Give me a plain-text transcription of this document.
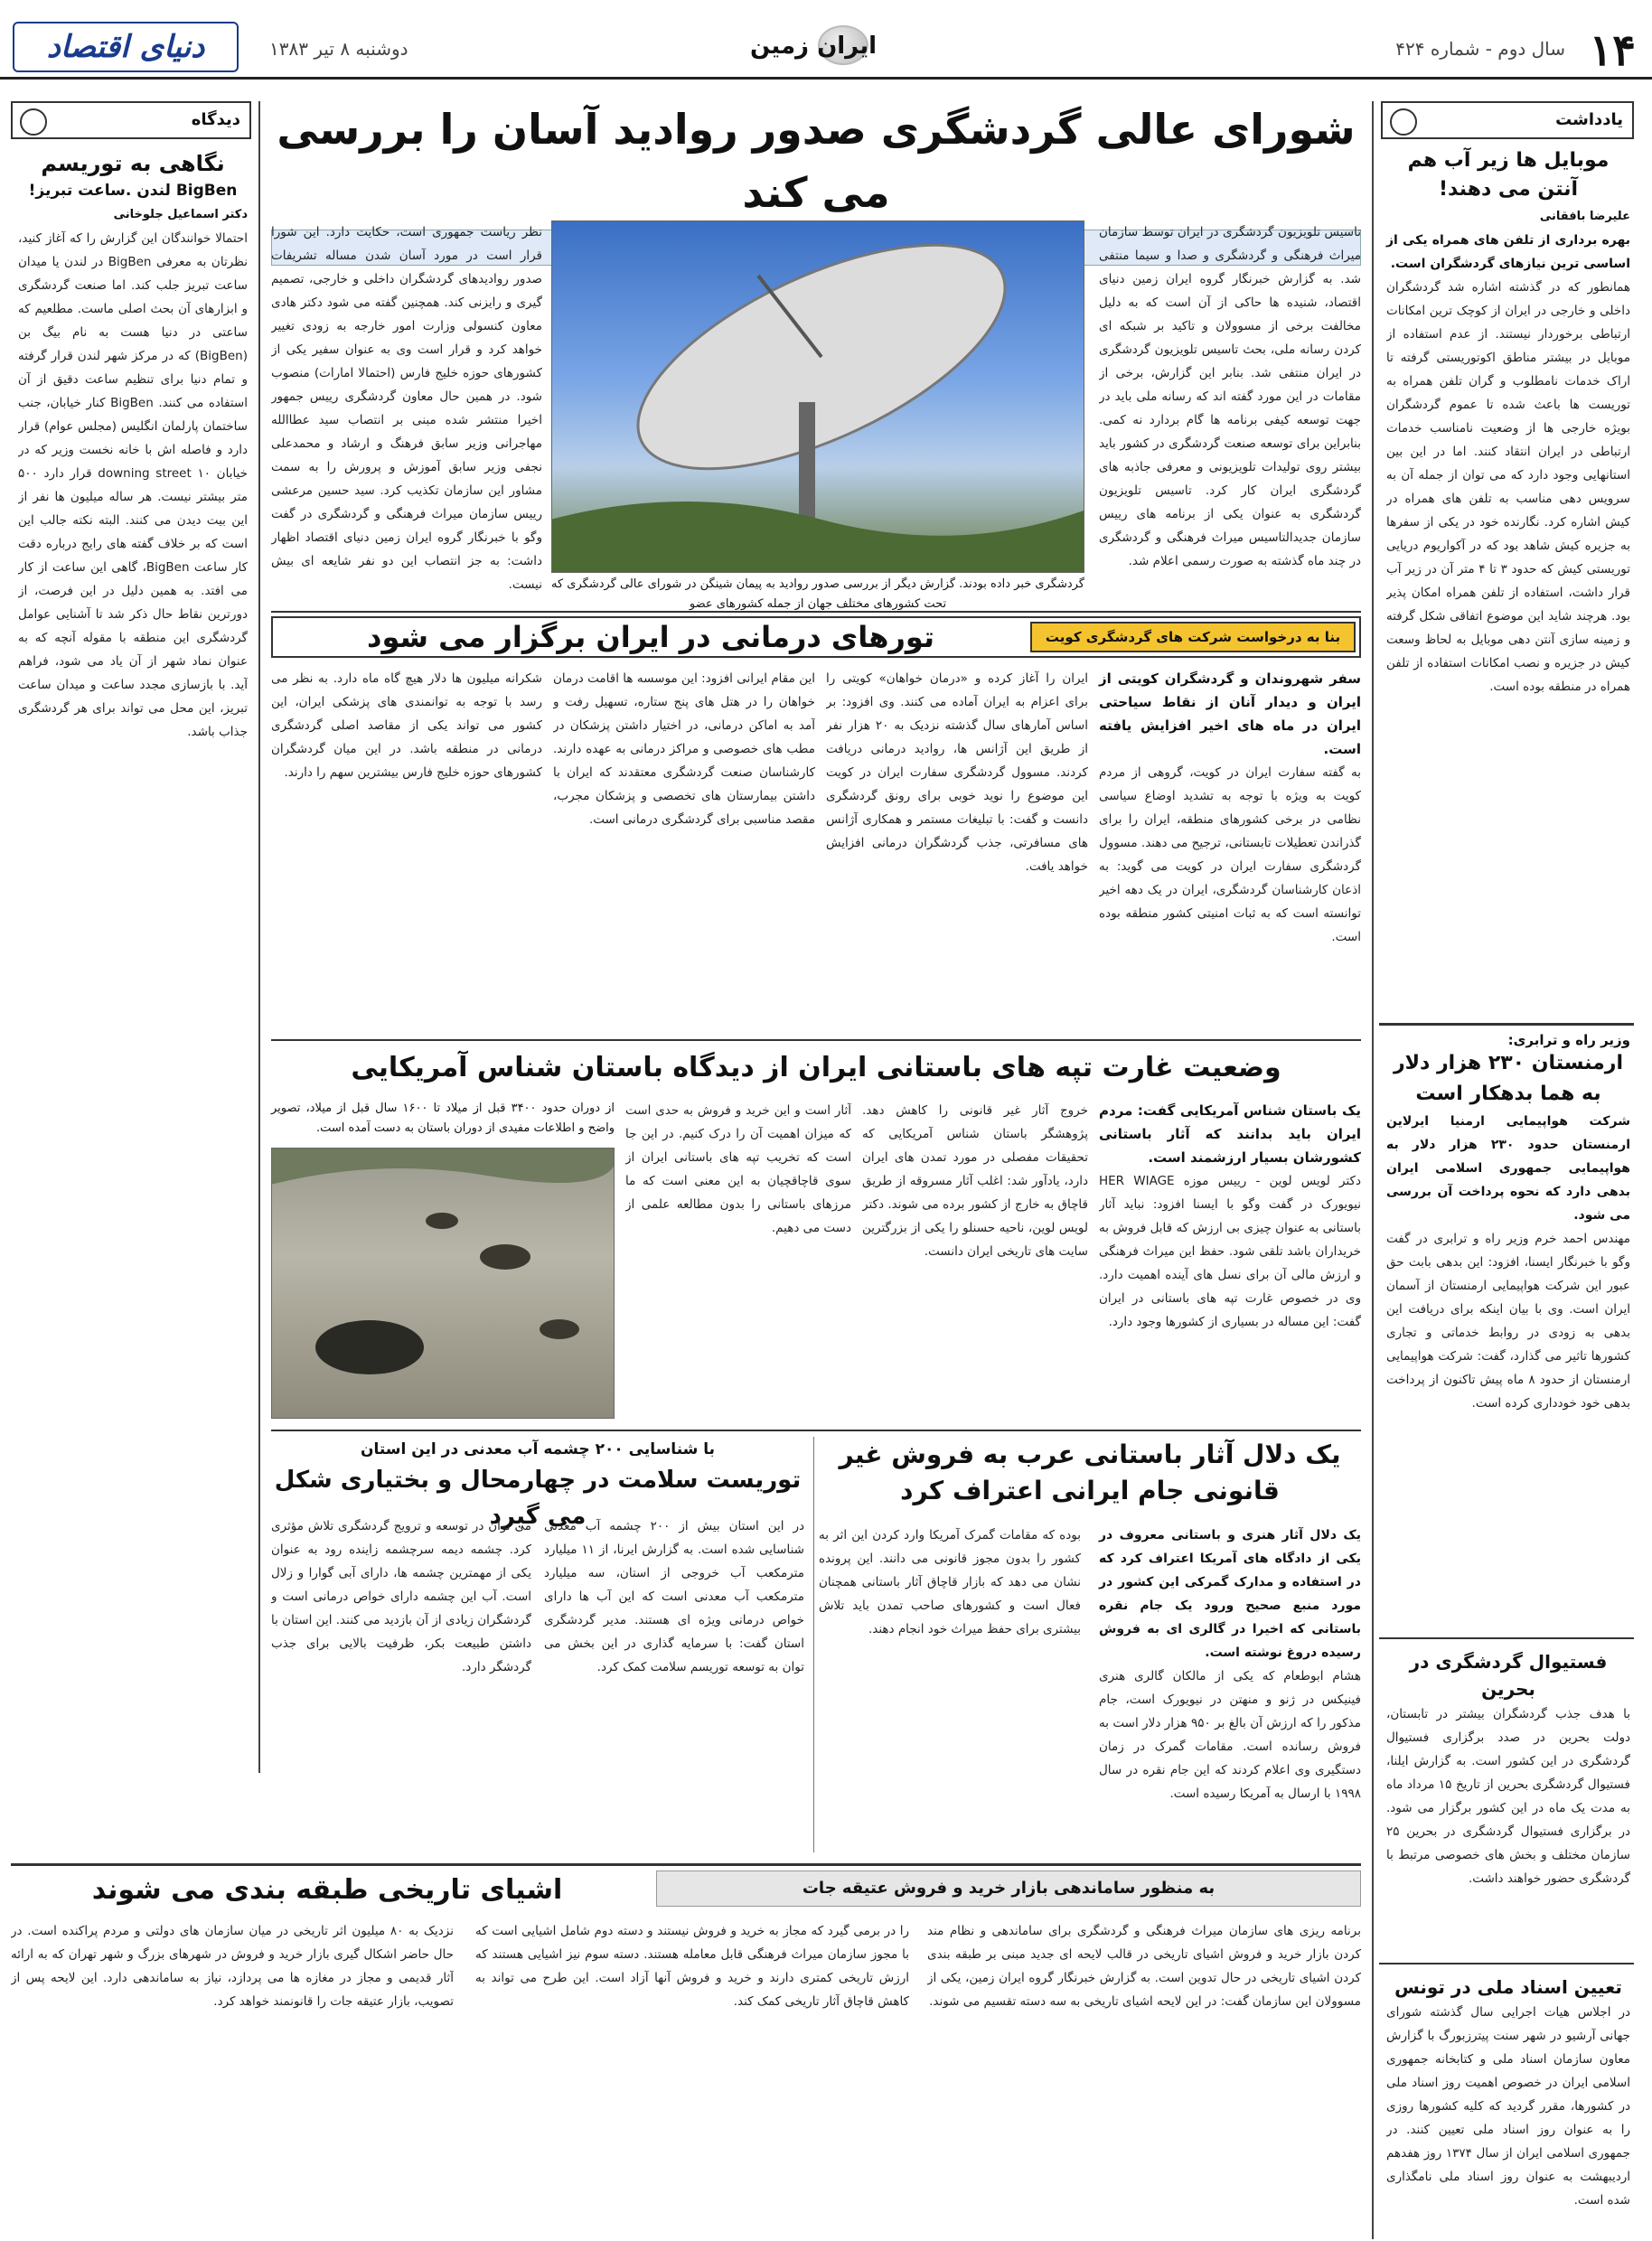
۱۴
سال دوم - شماره ۴۲۴
ایران زمین
دوشنبه ۸ تیر ۱۳۸۳
دنیای اقتصاد
یادداشت
موبایل ها زیر آب هم آنتن می دهند!
علیرضا بافقانی
بهره برداری از تلفن های همراه یکی از اساسی ترین نیازهای گردشگران است.
همانطور که در گذشته اشاره شد گردشگران داخلی و خارجی در ایران از کوچک ترین امکانات ارتباطی برخوردار نیستند. از عدم استفاده از موبایل در بیشتر مناطق اکوتوریستی گرفته تا اراک خدمات نامطلوب و گران تلفن همراه به توریست ها باعث شده تا عموم گردشگران بویژه خارجی ها از وضعیت نامناسب خدمات ارتباطی در ایران انتقاد کنند. اما در این بین استانهایی وجود دارد که می توان از جمله آن به سرویس دهی مناسب به تلفن های همراه در کیش اشاره کرد. نگارنده خود در یکی از سفرها به جزیره کیش شاهد بود که در آکواریوم دریایی توریستی کیش که حدود ۳ تا ۴ متر آن در زیر آب قرار داشت، استفاده از تلفن همراه امکان پذیر بود. هرچند شاید این موضوع اتفاقی شکل گرفته و زمینه سازی آنتن دهی موبایل به لحاظ وسعت کیش در جزیره و نصب امکانات استفاده از تلفن همراه در منطقه بوده است.
وزیر راه و ترابری:
ارمنستان ۲۳۰ هزار دلار به هما بدهکار است
شرکت هواپیمایی ارمنیا ایرلاین ارمنستان حدود ۲۳۰ هزار دلار به هواپیمایی جمهوری اسلامی ایران بدهی دارد که نحوه پرداخت آن بررسی می شود.
مهندس احمد خرم وزیر راه و ترابری در گفت وگو با خبرنگار ایسنا، افزود: این بدهی بابت حق عبور این شرکت هواپیمایی ارمنستان از آسمان ایران است. وی با بیان اینکه برای دریافت این بدهی به زودی در روابط خدماتی و تجاری کشورها تاثیر می گذارد، گفت: شرکت هواپیمایی ارمنستان از حدود ۸ ماه پیش تاکنون از پرداخت بدهی خود خودداری کرده است.
فستیوال گردشگری در بحرین
با هدف جذب گردشگران بیشتر در تابستان، دولت بحرین در صدد برگزاری فستیوال گردشگری در این کشور است. به گزارش ایلنا، فستیوال گردشگری بحرین از تاریخ ۱۵ مرداد ماه به مدت یک ماه در این کشور برگزار می شود. در برگزاری فستیوال گردشگری در بحرین ۲۵ سازمان مختلف و بخش های خصوصی مرتبط با گردشگری حضور خواهند داشت.
تعیین اسناد ملی در تونس
در اجلاس هیات اجرایی سال گذشته شورای جهانی آرشیو در شهر سنت پیترزبورگ با گزارش معاون سازمان اسناد ملی و کتابخانه جمهوری اسلامی ایران در خصوص اهمیت روز اسناد ملی در کشورها، مقرر گردید که کلیه کشورها روزی را به عنوان روز اسناد ملی تعیین کنند. در جمهوری اسلامی ایران از سال ۱۳۷۴ روز هفدهم اردیبهشت به عنوان روز اسناد ملی نامگذاری شده است.
دیدگاه
نگاهی به توریسم
BigBen لندن .ساعت تبریز!
دکتر اسماعیل جلوخانی
احتمالا خوانندگان این گزارش را که آغاز کنید، نظرتان به معرفی BigBen در لندن یا میدان ساعت تبریز جلب کند. اما صنعت گردشگری و ابزارهای آن بحث اصلی ماست. مطلعیم که ساعتی در دنیا هست به نام بیگ بن (BigBen) که در مرکز شهر لندن قرار گرفته و تمام دنیا برای تنظیم ساعت دقیق از آن استفاده می کنند. BigBen کنار خیابان، جنب ساختمان پارلمان انگلیس (مجلس عوام) قرار دارد و فاصله اش با خانه نخست وزیر که در خیابان ۱۰ downing street قرار دارد ۵۰۰ متر بیشتر نیست. هر ساله میلیون ها نفر از این بیت دیدن می کنند. البته نکته جالب این است که بر خلاف گفته های رایج درباره دقت کار ساعت BigBen، گاهی این ساعت از کار می افتد. به همین دلیل در این فرصت، از دورترین نقاط حال ذکر شد تا آشنایی عوامل گردشگری این منطقه با مقوله آنچه که به عنوان نماد شهر از آن یاد می شود، فراهم آید. با بازسازی مجدد ساعت و میدان ساعت تبریز، این محل می تواند برای هر گردشگری جذاب باشد.
شورای عالی گردشگری صدور روادید آسان را بررسی می کند
تاسیس تلویزیون گردشگری در ایران توسط سازمان میراث فرهنگی و گردشگری و صدا و سیما منتفی شد. به گزارش خبرنگار گروه ایران زمین دنیای اقتصاد، شنیده ها حاکی از آن است که به دلیل مخالفت برخی از مسوولان و تاکید بر شبکه ای کردن رسانه ملی، بحث تاسیس تلویزیون گردشگری در ایران منتفی شد. بنابر این گزارش، برخی از مقامات در این مورد گفته اند که رسانه ملی باید در جهت توسعه کیفی برنامه ها گام بردارد نه کمی. بنابراین برای توسعه صنعت گردشگری در کشور باید بیشتر روی تولیدات تلویزیونی و معرفی جاذبه های گردشگری ایران کار کرد. تاسیس تلویزیون گردشگری به عنوان یکی از برنامه های رییس سازمان جدیدالتاسیس میراث فرهنگی و گردشگری در چند ماه گذشته به صورت رسمی اعلام شد.
گردشگری خبر داده بودند. گزارش دیگر از بررسی صدور روادید به پیمان شینگن در شورای عالی گردشگری که تحت کشورهای مختلف جهان از جمله کشورهای عضو
نظر ریاست جمهوری است، حکایت دارد. این شورا قرار است در مورد آسان شدن مساله تشریفات صدور روادیدهای گردشگران داخلی و خارجی، تصمیم گیری و رایزنی کند. همچنین گفته می شود دکتر هادی معاون کنسولی وزارت امور خارجه به زودی تغییر خواهد کرد و قرار است وی به عنوان سفیر یکی از کشورهای حوزه خلیج فارس (احتمالا امارات) منصوب شود. در همین حال معاون گردشگری رییس جمهور اخیرا منتشر شده مبنی بر انتصاب سید عطاالله مهاجرانی وزیر سابق فرهنگ و ارشاد و محمدعلی نجفی وزیر سابق آموزش و پرورش را به سمت مشاور این سازمان تکذیب کرد. سید حسین مرعشی رییس سازمان میراث فرهنگی و گردشگری در گفت وگو با خبرنگار گروه ایران زمین دنیای اقتصاد اظهار داشت: به جز انتصاب این دو نفر شایعه ای بیش نیست.
بنا به درخواست شرکت های گردشگری کویت
تورهای درمانی در ایران برگزار می شود
سفر شهروندان و گردشگران کویتی از ایران و دیدار آنان از نقاط سیاحتی ایران در ماه های اخیر افزایش یافته است.
به گفته سفارت ایران در کویت، گروهی از مردم کویت به ویژه با توجه به تشدید اوضاع سیاسی نظامی در برخی کشورهای منطقه، ایران را برای گذراندن تعطیلات تابستانی، ترجیح می دهند. مسوول گردشگری سفارت ایران در کویت می گوید: به اذعان کارشناسان گردشگری، ایران در یک دهه اخیر توانسته است که به ثبات امنیتی کشور منطقه بوده است.
ایران را آغاز کرده و «درمان خواهان» کویتی را برای اعزام به ایران آماده می کنند. وی افزود: بر اساس آمارهای سال گذشته نزدیک به ۲۰ هزار نفر از طریق این آژانس ها، روادید درمانی دریافت کردند. مسوول گردشگری سفارت ایران در کویت این موضوع را نوید خوبی برای رونق گردشگری دانست و گفت: با تبلیغات مستمر و همکاری آژانس های مسافرتی، جذب گردشگران درمانی افزایش خواهد یافت.
این مقام ایرانی افزود: این موسسه ها اقامت درمان خواهان را در هتل های پنج ستاره، تسهیل رفت و آمد به اماکن درمانی، در اختیار داشتن پزشکان در مطب های خصوصی و مراکز درمانی به عهده دارند. کارشناسان صنعت گردشگری معتقدند که ایران با داشتن بیمارستان های تخصصی و پزشکان مجرب، مقصد مناسبی برای گردشگری درمانی است.
شکرانه میلیون ها دلار هیچ گاه ماه دارد. به نظر می رسد با توجه به توانمندی های پزشکی ایران، این کشور می تواند یکی از مقاصد اصلی گردشگری درمانی در منطقه باشد. در این میان گردشگران کشورهای حوزه خلیج فارس بیشترین سهم را دارند.
وضعیت غارت تپه های باستانی ایران از دیدگاه باستان شناس آمریکایی
یک باستان شناس آمریکایی گفت: مردم ایران باید بدانند که آثار باستانی کشورشان بسیار ارزشمند است.
دکتر لویس لوین - رییس موزه HER WIAGE نیویورک در گفت وگو با ایسنا افزود: نباید آثار باستانی به عنوان چیزی بی ارزش که قابل فروش به خریداران باشد تلقی شود. حفظ این میراث فرهنگی و ارزش مالی آن برای نسل های آینده اهمیت دارد. وی در خصوص غارت تپه های باستانی در ایران گفت: این مساله در بسیاری از کشورها وجود دارد.
خروج آثار غیر قانونی را کاهش دهد. پژوهشگر باستان شناس آمریکایی که تحقیقات مفصلی در مورد تمدن های ایران دارد، یادآور شد: اغلب آثار مسروقه از طریق قاچاق به خارج از کشور برده می شوند. دکتر لویس لوین، ناحیه حسنلو را یکی از بزرگترین سایت های تاریخی ایران دانست.
آثار است و این خرید و فروش به حدی است که میزان اهمیت آن را درک کنیم. در این جا است که تخریب تپه های باستانی ایران از سوی قاچاقچیان به این معنی است که ما مرزهای باستانی را بدون مطالعه علمی از دست می دهیم.
از دوران حدود ۳۴۰۰ قبل از میلاد تا ۱۶۰۰ سال قبل از میلاد، تصویر واضح و اطلاعات مفیدی از دوران باستان به دست آمده است.
یک دلال آثار باستانی عرب به فروش غیر قانونی جام ایرانی اعتراف کرد
یک دلال آثار هنری و باستانی معروف در یکی از دادگاه های آمریکا اعتراف کرد که در استفاده و مدارک گمرکی این کشور در مورد منبع صحیح ورود یک جام نقره باستانی که اخیرا در گالری ای به فروش رسیده دروغ نوشته است.
هشام ابوطعام که یکی از مالکان گالری هنری فینیکس در ژنو و منهتن در نیویورک است، جام مذکور را که ارزش آن بالغ بر ۹۵۰ هزار دلار است به فروش رسانده است. مقامات گمرک در زمان دستگیری وی اعلام کردند که این جام نقره در سال ۱۹۹۸ با ارسال به آمریکا رسیده است.
بوده که مقامات گمرک آمریکا وارد کردن این اثر به کشور را بدون مجوز قانونی می دانند. این پرونده نشان می دهد که بازار قاچاق آثار باستانی همچنان فعال است و کشورهای صاحب تمدن باید تلاش بیشتری برای حفظ میراث خود انجام دهند.
با شناسایی ۲۰۰ چشمه آب معدنی در این استان
توریست سلامت در چهارمحال و بختیاری شکل می گیرد
در این استان بیش از ۲۰۰ چشمه آب معدنی شناسایی شده است. به گزارش ایرنا، از ۱۱ میلیارد مترمکعب آب خروجی از استان، سه میلیارد مترمکعب آب معدنی است که این آب ها دارای خواص درمانی ویژه ای هستند. مدیر گردشگری استان گفت: با سرمایه گذاری در این بخش می توان به توسعه توریسم سلامت کمک کرد.
می توان در توسعه و ترویج گردشگری تلاش مؤثری کرد. چشمه دیمه سرچشمه زاینده رود به عنوان یکی از مهمترین چشمه ها، دارای آبی گوارا و زلال است. آب این چشمه دارای خواص درمانی است و گردشگران زیادی از آن بازدید می کنند. این استان با داشتن طبیعت بکر، ظرفیت بالایی برای جذب گردشگر دارد.
به منظور ساماندهی بازار خرید و فروش عتیقه جات
اشیای تاریخی طبقه بندی می شوند
برنامه ریزی های سازمان میراث فرهنگی و گردشگری برای ساماندهی و نظام مند کردن بازار خرید و فروش اشیای تاریخی در قالب لایحه ای جدید مبنی بر طبقه بندی کردن اشیای تاریخی در حال تدوین است. به گزارش خبرنگار گروه ایران زمین، یکی از مسوولان این سازمان گفت: در این لایحه اشیای تاریخی به سه دسته تقسیم می شوند.
را در برمی گیرد که مجاز به خرید و فروش نیستند و دسته دوم شامل اشیایی است که با مجوز سازمان میراث فرهنگی قابل معامله هستند. دسته سوم نیز اشیایی هستند که ارزش تاریخی کمتری دارند و خرید و فروش آنها آزاد است. این طرح می تواند به کاهش قاچاق آثار تاریخی کمک کند.
نزدیک به ۸۰ میلیون اثر تاریخی در میان سازمان های دولتی و مردم پراکنده است. در حال حاضر اشکال گیری بازار خرید و فروش در شهرهای بزرگ و شهر تهران که به ارائه آثار قدیمی و مجاز در مغازه ها می پردازد، نیاز به ساماندهی دارد. این لایحه پس از تصویب، بازار عتیقه جات را قانونمند خواهد کرد.
